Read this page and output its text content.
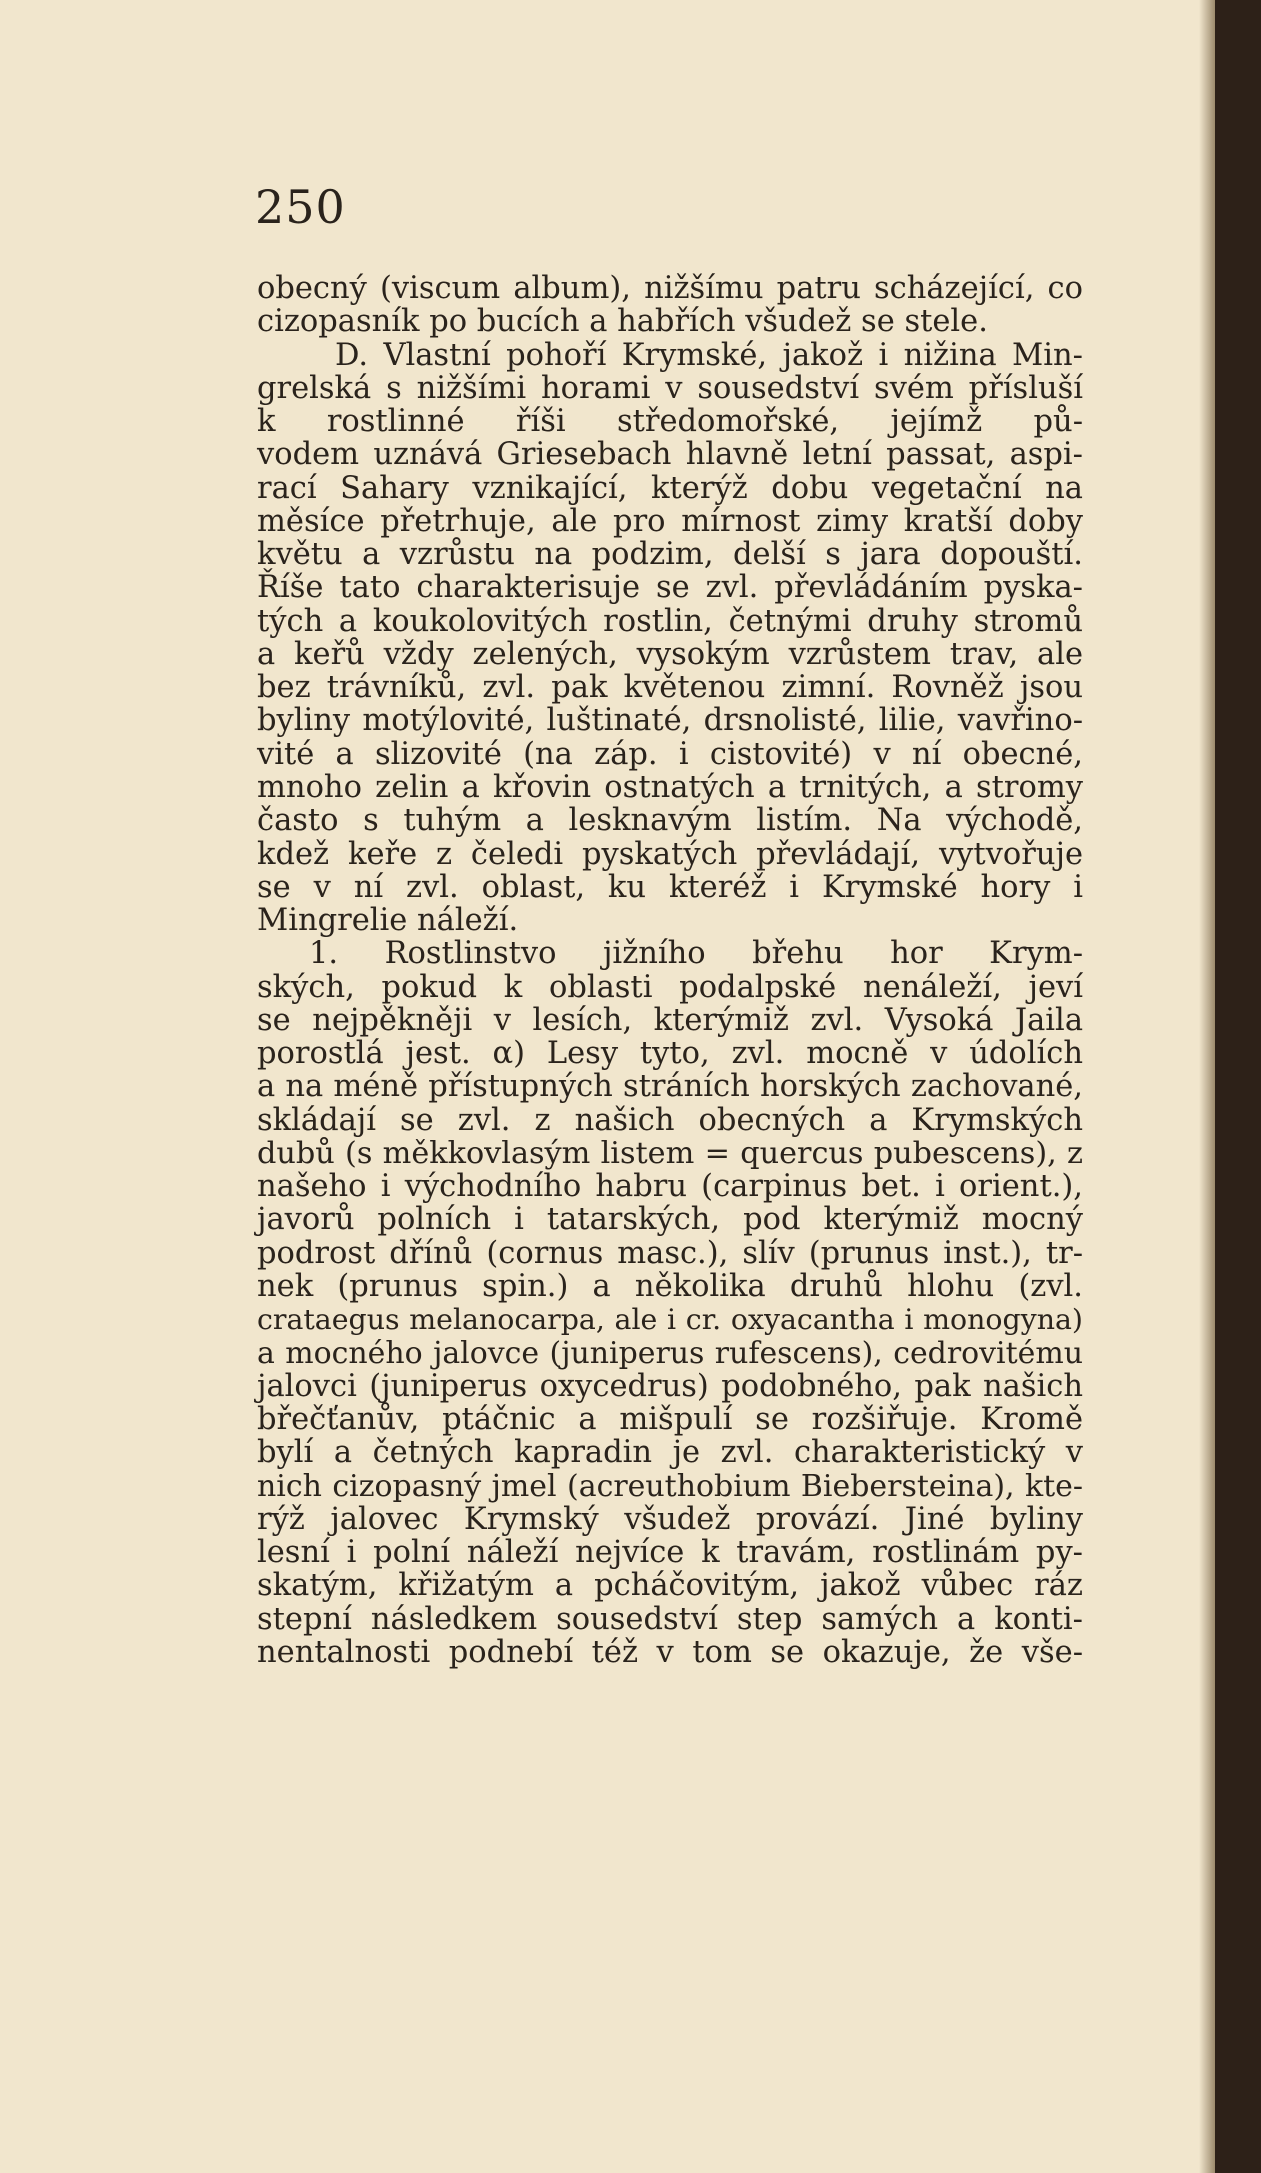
250
obecný (viscum album), nižšímu patru scházející, co
cizopasník po bucích a habřích všudež se stele.
D. Vlastní pohoří Krymské, jakož i nižina Min-
grelská s nižšími horami v sousedství svém přísluší
k rostlinné říši středomořské, jejímž pů-
vodem uznává Griesebach hlavně letní passat, aspi-
rací Sahary vznikající, kterýž dobu vegetační na
měsíce přetrhuje, ale pro mírnost zimy kratší doby
květu a vzrůstu na podzim, delší s jara dopouští.
Říše tato charakterisuje se zvl. převládáním pyska-
tých a koukolovitých rostlin, četnými druhy stromů
a keřů vždy zelených, vysokým vzrůstem trav, ale
bez trávníků, zvl. pak květenou zimní. Rovněž jsou
byliny motýlovité, luštinaté, drsnolisté, lilie, vavřino-
vité a slizovité (na záp. i cistovité) v ní obecné,
mnoho zelin a křovin ostnatých a trnitých, a stromy
často s tuhým a lesknavým listím. Na východě,
kdež keře z čeledi pyskatých převládají, vytvořuje
se v ní zvl. oblast, ku kteréž i Krymské hory i
Mingrelie náleží.
1. Rostlinstvo jižního břehu hor Krym-
ských, pokud k oblasti podalpské nenáleží, jeví
se nejpěkněji v lesích, kterýmiž zvl. Vysoká Jaila
porostlá jest. α) Lesy tyto, zvl. mocně v údolích
a na méně přístupných stráních horských zachované,
skládají se zvl. z našich obecných a Krymských
dubů (s měkkovlasým listem = quercus pubescens), z
našeho i východního habru (carpinus bet. i orient.),
javorů polních i tatarských, pod kterýmiž mocný
podrost dřínů (cornus masc.), slív (prunus inst.), tr-
nek (prunus spin.) a několika druhů hlohu (zvl.
crataegus melanocarpa, ale i cr. oxyacantha i monogyna)
a mocného jalovce (juniperus rufescens), cedrovitému
jalovci (juniperus oxycedrus) podobného, pak našich
břečťanův, ptáčnic a mišpulí se rozšiřuje. Kromě
bylí a četných kapradin je zvl. charakteristický v
nich cizopasný jmel (acreuthobium Biebersteina), kte-
rýž jalovec Krymský všudež provází. Jiné byliny
lesní i polní náleží nejvíce k travám, rostlinám py-
skatým, křižatým a pcháčovitým, jakož vůbec ráz
stepní následkem sousedství step samých a konti-
nentalnosti podnebí též v tom se okazuje, že vše-
